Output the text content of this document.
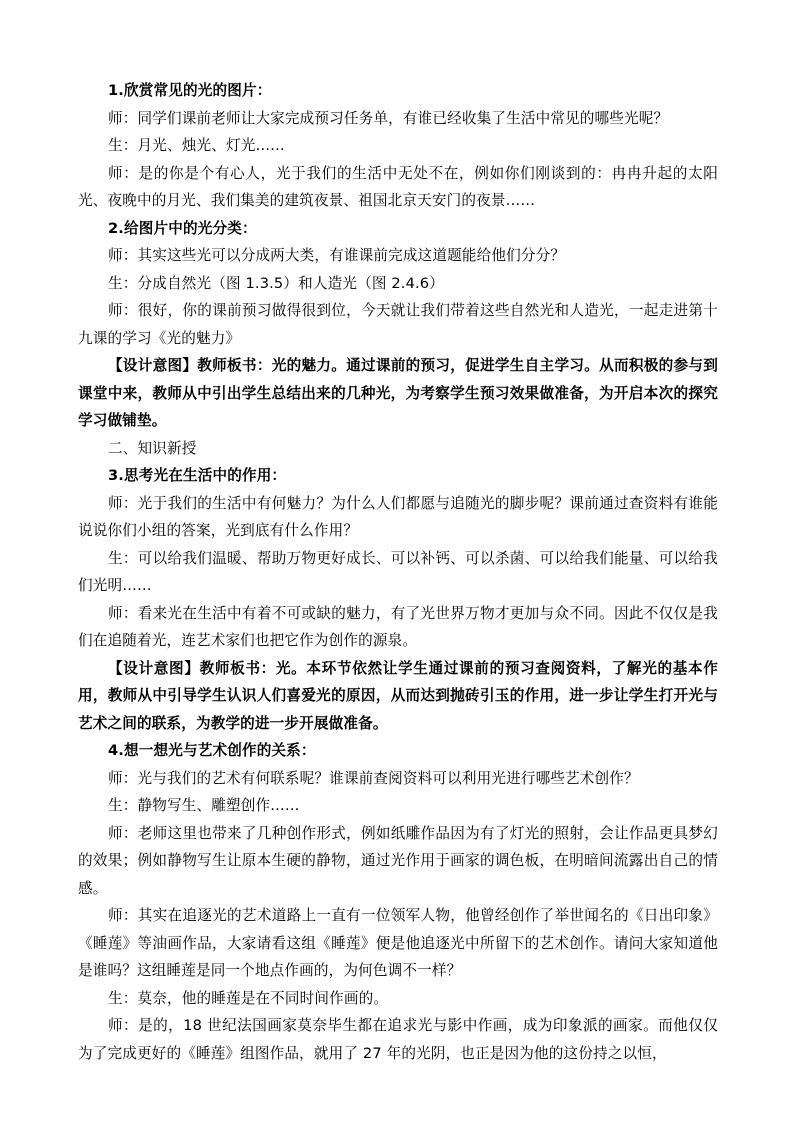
1.欣赏常见的光的图片：

师：同学们课前老师让大家完成预习任务单，有谁已经收集了生活中常见的哪些光呢？

生：月光、烛光、灯光……

师：是的你是个有心人，光于我们的生活中无处不在，例如你们刚谈到的：冉冉升起的太阳光、夜晚中的月光、我们集美的建筑夜景、祖国北京天安门的夜景……

2.给图片中的光分类：

师：其实这些光可以分成两大类，有谁课前完成这道题能给他们分分？

生：分成自然光（图 1.3.5）和人造光（图 2.4.6）

师：很好，你的课前预习做得很到位，今天就让我们带着这些自然光和人造光，一起走进第十九课的学习《光的魅力》

【设计意图】教师板书：光的魅力。通过课前的预习，促进学生自主学习。从而积极的参与到课堂中来，教师从中引出学生总结出来的几种光，为考察学生预习效果做准备，为开启本次的探究学习做铺垫。

二、知识新授

3.思考光在生活中的作用：

师：光于我们的生活中有何魅力？为什么人们都愿与追随光的脚步呢？课前通过查资料有谁能说说你们小组的答案，光到底有什么作用？

生：可以给我们温暖、帮助万物更好成长、可以补钙、可以杀菌、可以给我们能量、可以给我们光明……

师：看来光在生活中有着不可或缺的魅力，有了光世界万物才更加与众不同。因此不仅仅是我们在追随着光，连艺术家们也把它作为创作的源泉。

【设计意图】教师板书：光。本环节依然让学生通过课前的预习查阅资料，了解光的基本作用，教师从中引导学生认识人们喜爱光的原因，从而达到抛砖引玉的作用，进一步让学生打开光与艺术之间的联系，为教学的进一步开展做准备。

4.想一想光与艺术创作的关系：

师：光与我们的艺术有何联系呢？谁课前查阅资料可以利用光进行哪些艺术创作？

生：静物写生、雕塑创作……

师：老师这里也带来了几种创作形式，例如纸雕作品因为有了灯光的照射，会让作品更具梦幻的效果；例如静物写生让原本生硬的静物，通过光作用于画家的调色板，在明暗间流露出自己的情感。

师：其实在追逐光的艺术道路上一直有一位领军人物，他曾经创作了举世闻名的《日出印象》《睡莲》等油画作品，大家请看这组《睡莲》便是他追逐光中所留下的艺术创作。请问大家知道他是谁吗？这组睡莲是同一个地点作画的，为何色调不一样？

生：莫奈，他的睡莲是在不同时间作画的。

师：是的，18 世纪法国画家莫奈毕生都在追求光与影中作画，成为印象派的画家。而他仅仅为了完成更好的《睡莲》组图作品，就用了 27 年的光阴，也正是因为他的这份持之以恒，
